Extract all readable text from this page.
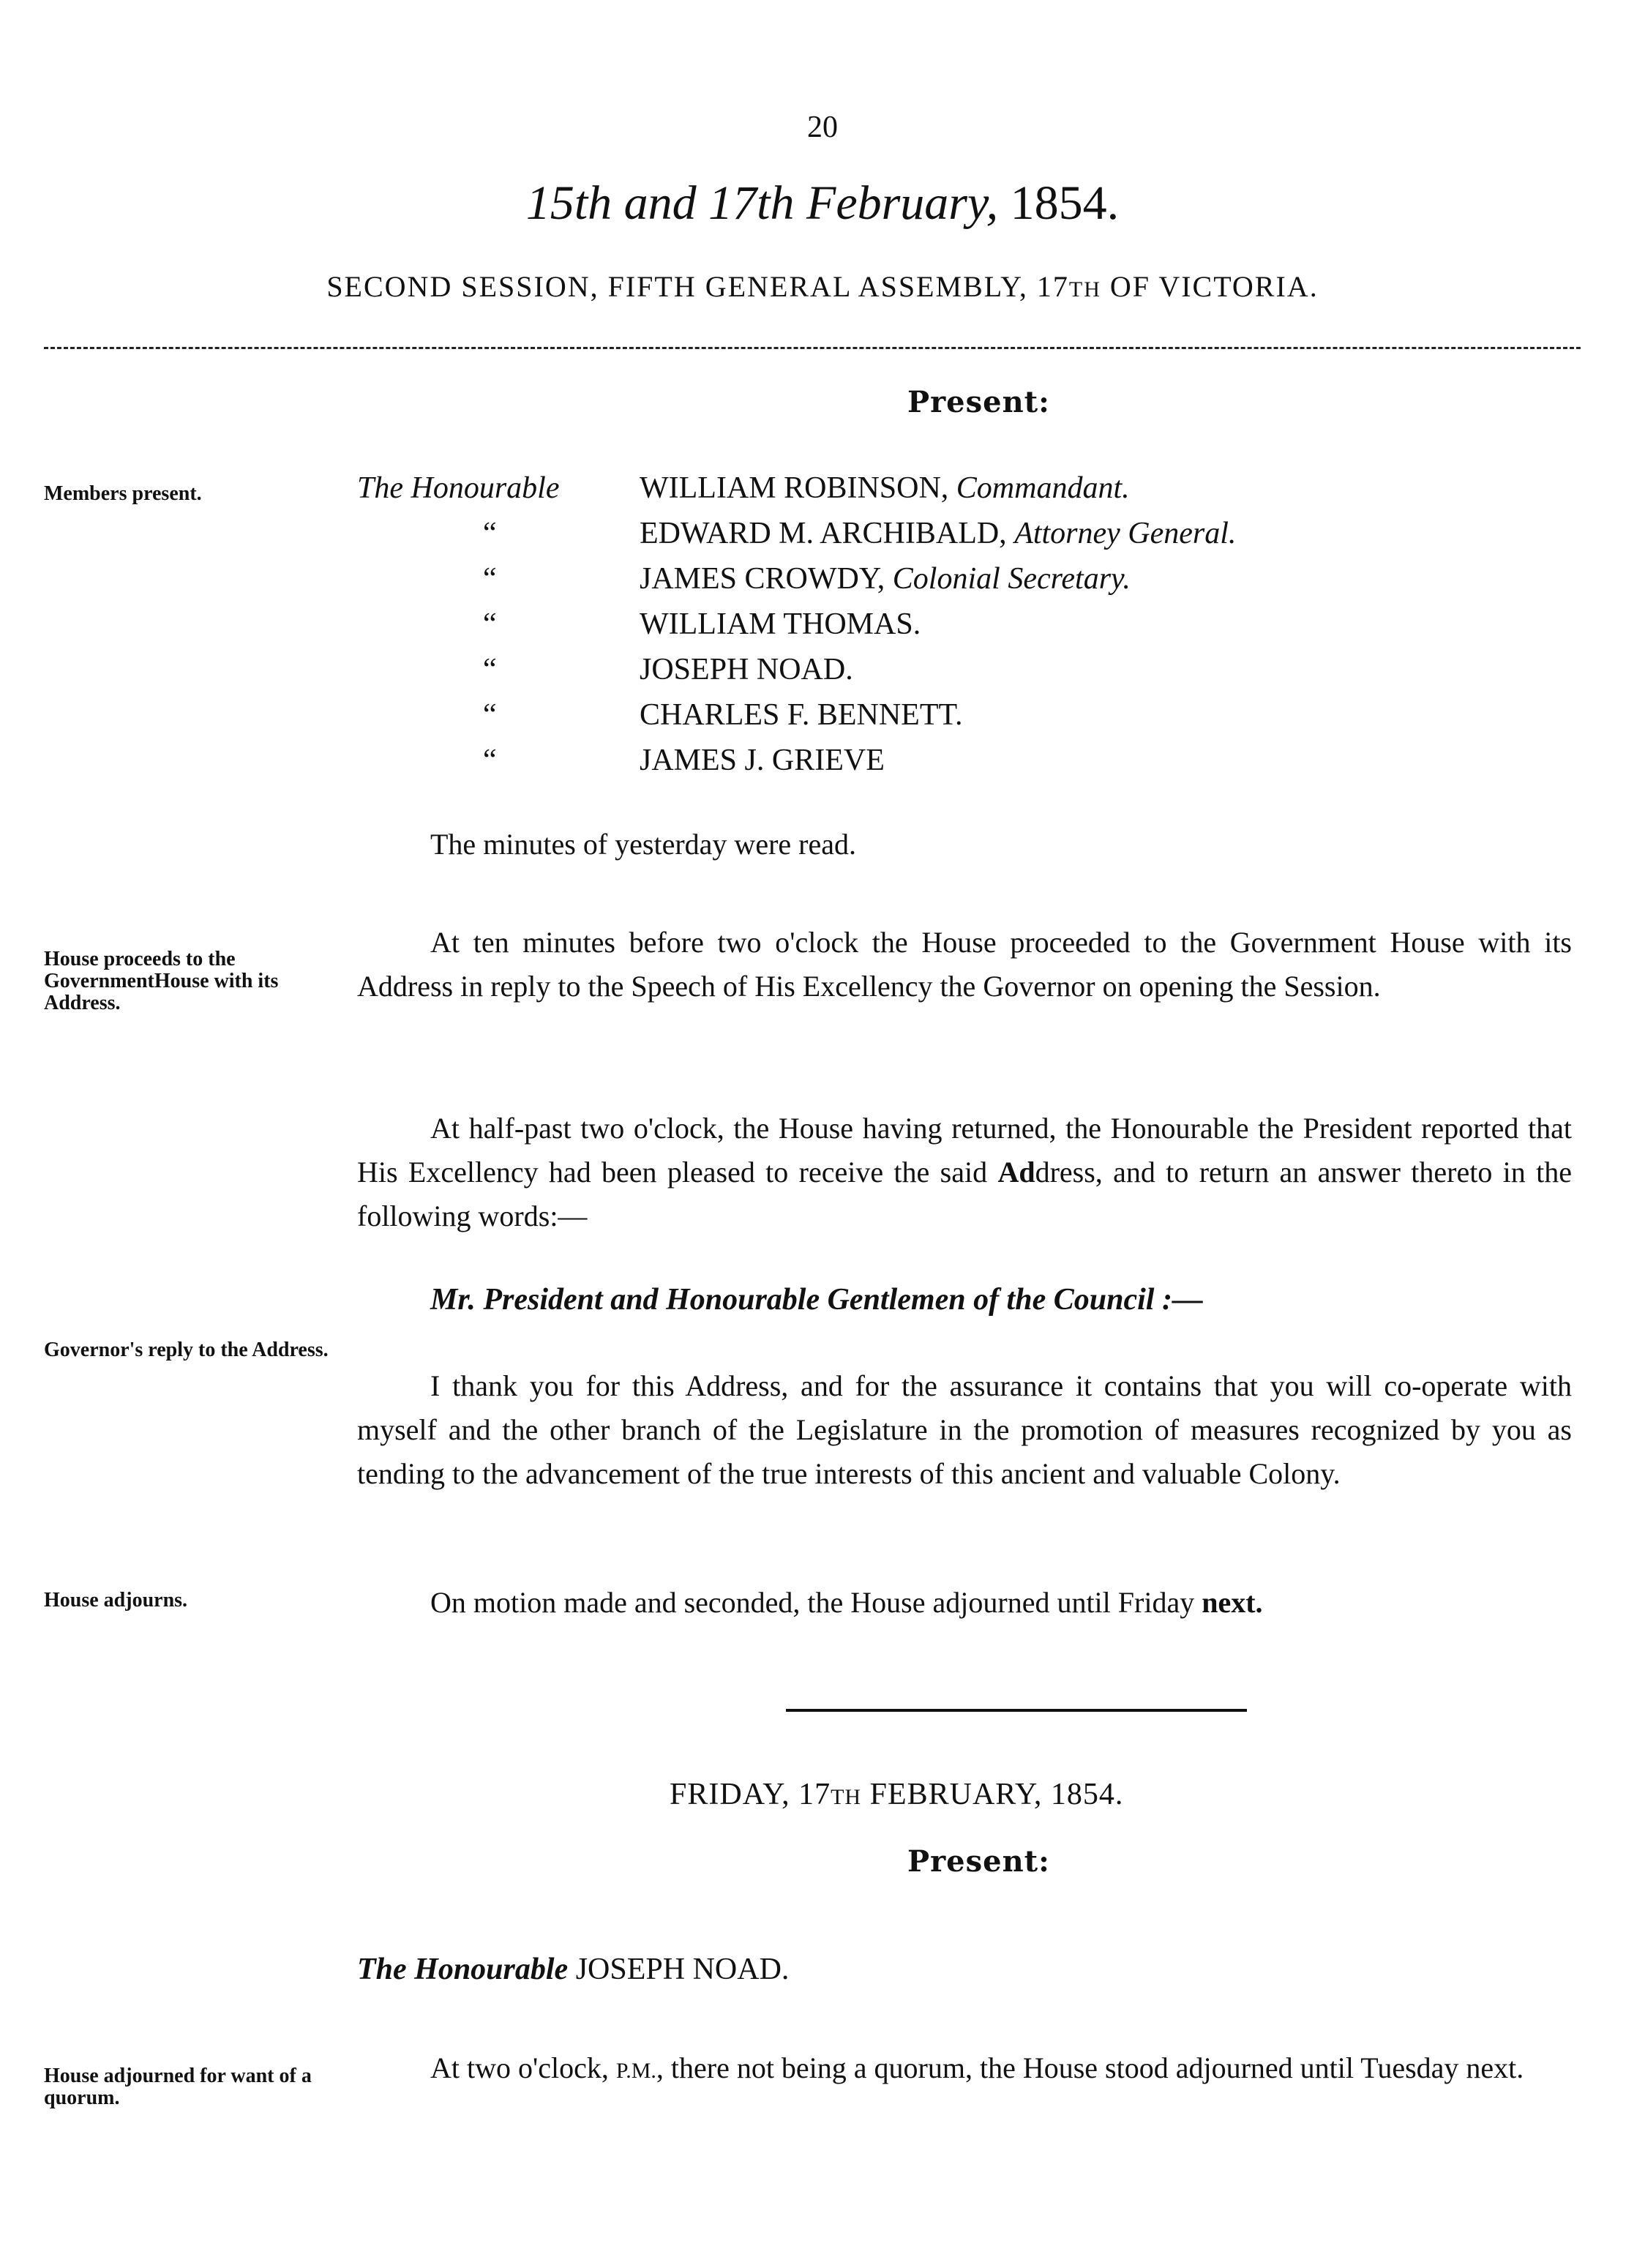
20
15th and 17th February, 1854.
SECOND SESSION, FIFTH GENERAL ASSEMBLY, 17TH OF VICTORIA.
Present:
Members present.
House proceeds to the GovernmentHouse with its Address.
Governor's reply to the Address.
House adjourns.
House adjourned for want of a quorum.
The Honourable	WILLIAM ROBINSON, Commandant.
“	EDWARD M. ARCHIBALD, Attorney General.
“	JAMES CROWDY, Colonial Secretary.
“	WILLIAM THOMAS.
“	JOSEPH NOAD.
“	CHARLES F. BENNETT.
“	JAMES J. GRIEVE
The minutes of yesterday were read.
At ten minutes before two o'clock the House proceeded to the Government House with its Address in reply to the Speech of His Excellency the Governor on opening the Session.
At half-past two o'clock, the House having returned, the Honourable the President reported that His Excellency had been pleased to receive the said Address, and to return an answer thereto in the following words:—
Mr. President and Honourable Gentlemen of the Council :—
I thank you for this Address, and for the assurance it contains that you will co-operate with myself and the other branch of the Legislature in the promotion of measures recognized by you as tending to the advancement of the true interests of this ancient and valuable Colony.
On motion made and seconded, the House adjourned until Friday next.
FRIDAY, 17TH FEBRUARY, 1854.
Present:
The Honourable JOSEPH NOAD.
At two o'clock, P.M., there not being a quorum, the House stood adjourned until Tuesday next.
